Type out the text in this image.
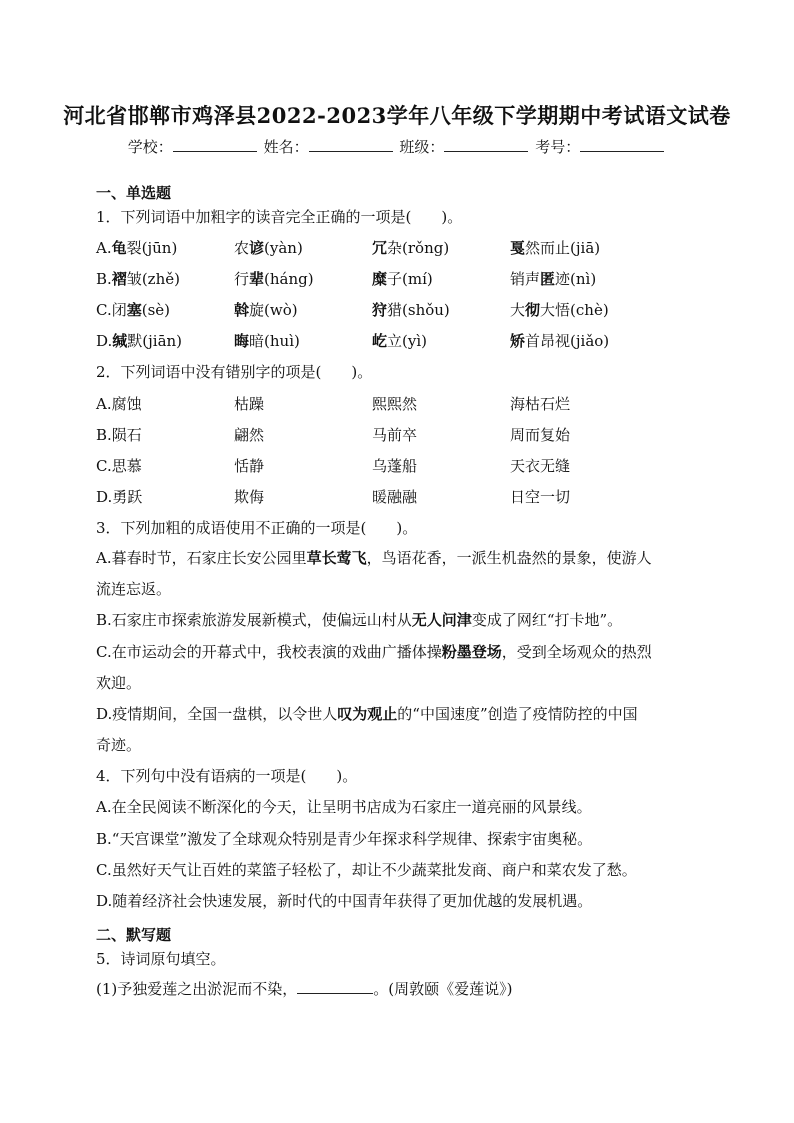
河北省邯郸市鸡泽县2022-2023学年八年级下学期期中考试语文试卷
学校：	姓名：	班级：	考号：
一、单选题
1．下列词语中加粗字的读音完全正确的一项是(　　)。
A.龟裂(jūn)	农谚(yàn)	冗杂(rǒng)	戛然而止(jiā)
B.褶皱(zhě)	行辈(háng)	糜子(mí)	销声匿迹(nì)
C.闭塞(sè)	斡旋(wò)	狩猎(shǒu)	大彻大悟(chè)
D.缄默(jiān)	晦暗(huì)	屹立(yì)	矫首昂视(jiǎo)
2．下列词语中没有错别字的项是(　　)。
A.腐蚀	枯躁	熙熙然	海枯石烂
B.陨石	翩然	马前卒	周而复始
C.思慕	恬静	乌蓬船	天衣无缝
D.勇跃	欺侮	暖融融	日空一切
3．下列加粗的成语使用不正确的一项是(　　)。
A.暮春时节，石家庄长安公园里草长莺飞，鸟语花香，一派生机盎然的景象，使游人
流连忘返。
B.石家庄市探索旅游发展新模式，使偏远山村从无人问津变成了网红“打卡地”。
C.在市运动会的开幕式中，我校表演的戏曲广播体操粉墨登场，受到全场观众的热烈
欢迎。
D.疫情期间，全国一盘棋，以令世人叹为观止的“中国速度”创造了疫情防控的中国
奇迹。
4．下列句中没有语病的一项是(　　)。
A.在全民阅读不断深化的今天，让呈明书店成为石家庄一道亮丽的风景线。
B.“天宫课堂”激发了全球观众特别是青少年探求科学规律、探索宇宙奥秘。
C.虽然好天气让百姓的菜篮子轻松了，却让不少蔬菜批发商、商户和菜农发了愁。
D.随着经济社会快速发展，新时代的中国青年获得了更加优越的发展机遇。
二、默写题
5．诗词原句填空。
(1)予独爱莲之出淤泥而不染，	。(周敦颐《爱莲说》)
